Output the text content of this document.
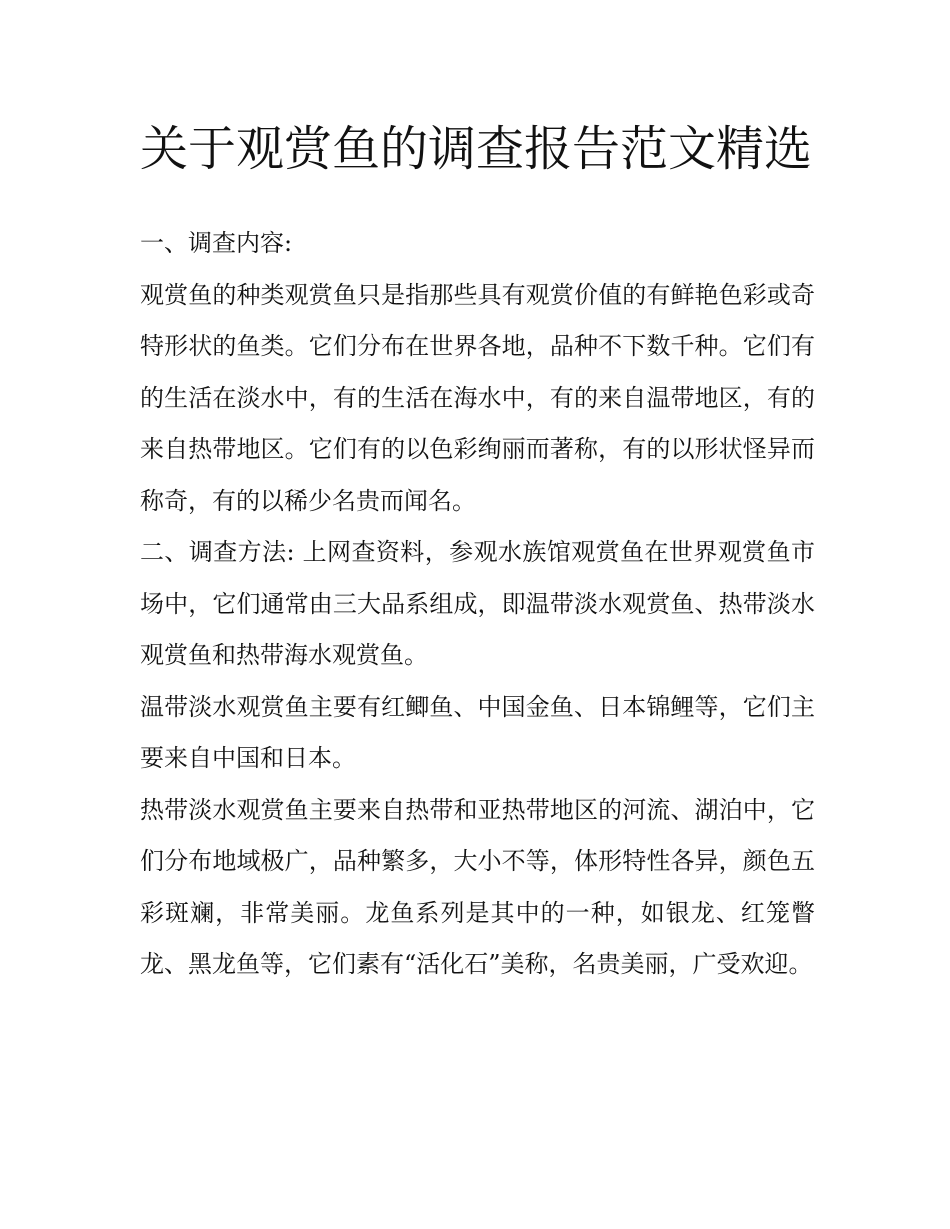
关于观赏鱼的调查报告范文精选

一、调查内容:

观赏鱼的种类观赏鱼只是指那些具有观赏价值的有鲜艳色彩或奇特形状的鱼类。它们分布在世界各地，品种不下数千种。它们有的生活在淡水中，有的生活在海水中，有的来自温带地区，有的来自热带地区。它们有的以色彩绚丽而著称，有的以形状怪异而称奇，有的以稀少名贵而闻名。

二、调查方法: 上网查资料，参观水族馆观赏鱼在世界观赏鱼市场中，它们通常由三大品系组成，即温带淡水观赏鱼、热带淡水观赏鱼和热带海水观赏鱼。

温带淡水观赏鱼主要有红鲫鱼、中国金鱼、日本锦鲤等，它们主要来自中国和日本。

热带淡水观赏鱼主要来自热带和亚热带地区的河流、湖泊中，它们分布地域极广，品种繁多，大小不等，体形特性各异，颜色五彩斑斓，非常美丽。龙鱼系列是其中的一种，如银龙、红笼瞥龙、黑龙鱼等，它们素有“活化石”美称，名贵美丽，广受欢迎。
